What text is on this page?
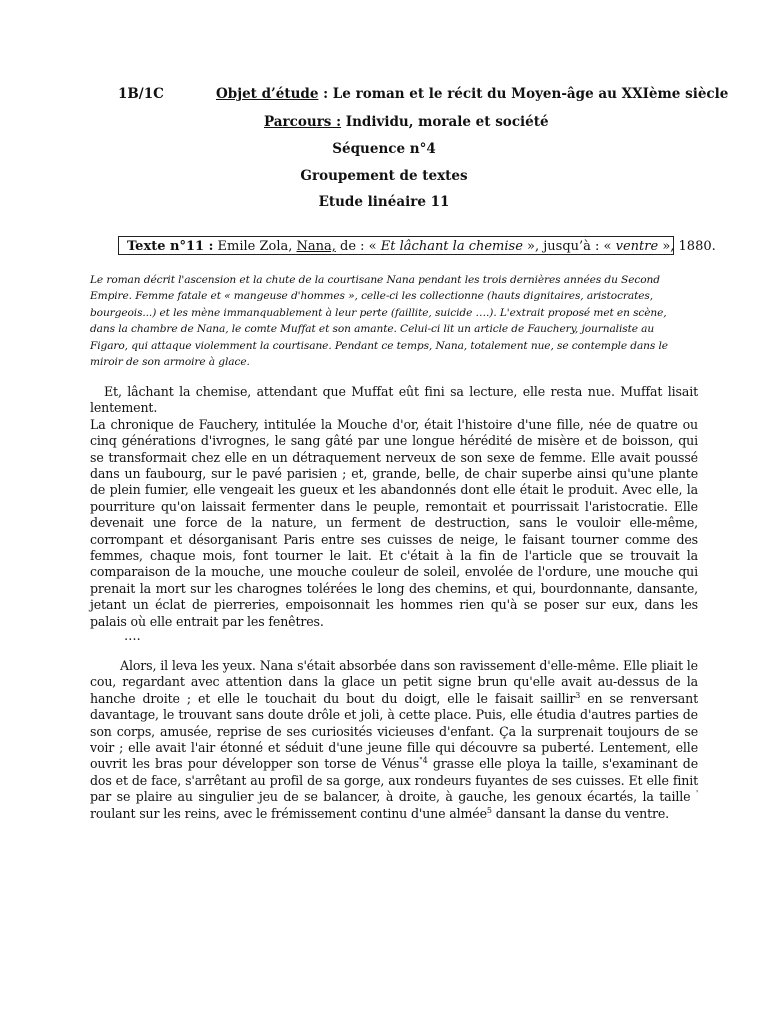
1B/1C	Objet d’étude : Le roman et le récit du Moyen-âge au XXIème siècle
Parcours : Individu, morale et société
Séquence n°4
Groupement de textes
Etude linéaire 11
Texte n°11 : Emile Zola, Nana, de : « Et lâchant la chemise », jusqu’à : « ventre », 1880.
Le roman décrit l'ascension et la chute de la courtisane Nana pendant les trois dernières années du Second Empire. Femme fatale et « mangeuse d'hommes », celle-ci les collectionne (hauts dignitaires, aristocrates, bourgeois...) et les mène immanquablement à leur perte (faillite, suicide ….). L'extrait proposé met en scène, dans la chambre de Nana, le comte Muffat et son amante. Celui-ci lit un article de Fauchery, journaliste au Figaro, qui attaque violemment la courtisane. Pendant ce temps, Nana, totalement nue, se contemple dans le miroir de son armoire à glace.
Et, lâchant la chemise, attendant que Muffat eût fini sa lecture, elle resta nue. Muffat lisait lentement.
La chronique de Fauchery, intitulée la Mouche d'or, était l'histoire d'une fille, née de quatre ou cinq générations d'ivrognes, le sang gâté par une longue hérédité de misère et de boisson, qui se transformait chez elle en un détraquement nerveux de son sexe de femme. Elle avait poussé dans un faubourg, sur le pavé parisien ; et, grande, belle, de chair superbe ainsi qu'une plante de plein fumier, elle vengeait les gueux et les abandonnés dont elle était le produit. Avec elle, la pourriture qu'on laissait fermenter dans le peuple, remontait et pourrissait l'aristocratie. Elle devenait une force de la nature, un ferment de destruction, sans le vouloir elle-même, corrompant et désorganisant Paris entre ses cuisses de neige, le faisant tourner comme des femmes, chaque mois, font tourner le lait. Et c'était à la fin de l'article que se trouvait la comparaison de la mouche, une mouche couleur de soleil, envolée de l'ordure, une mouche qui prenait la mort sur les charognes tolérées le long des chemins, et qui, bourdonnante, dansante, jetant un éclat de pierreries, empoisonnait les hommes rien qu'à se poser sur eux, dans les palais où elle entrait par les fenêtres.
….
Alors, il leva les yeux. Nana s'était absorbée dans son ravissement d'elle-même. Elle pliait le cou, regardant avec attention dans la glace un petit signe brun qu'elle avait au-dessus de la hanche droite ; et elle le touchait du bout du doigt, elle le faisait saillir$^3$ en se renversant davantage, le trouvant sans doute drôle et joli, à cette place. Puis, elle étudia d'autres parties de son corps, amusée, reprise de ses curiosités vicieuses d'enfant. Ça la surprenait toujours de se voir ; elle avait l'air étonné et séduit d'une jeune fille qui découvre sa puberté. Lentement, elle ouvrit les bras pour développer son torse de Vénus$^{"4}$ grasse elle ploya la taille, s'examinant de dos et de face, s'arrêtant au profil de sa gorge, aux rondeurs fuyantes de ses cuisses. Et elle finit par se plaire au singulier jeu de se balancer, à droite, à gauche, les genoux écartés, la taille ' roulant sur les reins, avec le frémissement continu d'une almée$^5$ dansant la danse du ventre.
